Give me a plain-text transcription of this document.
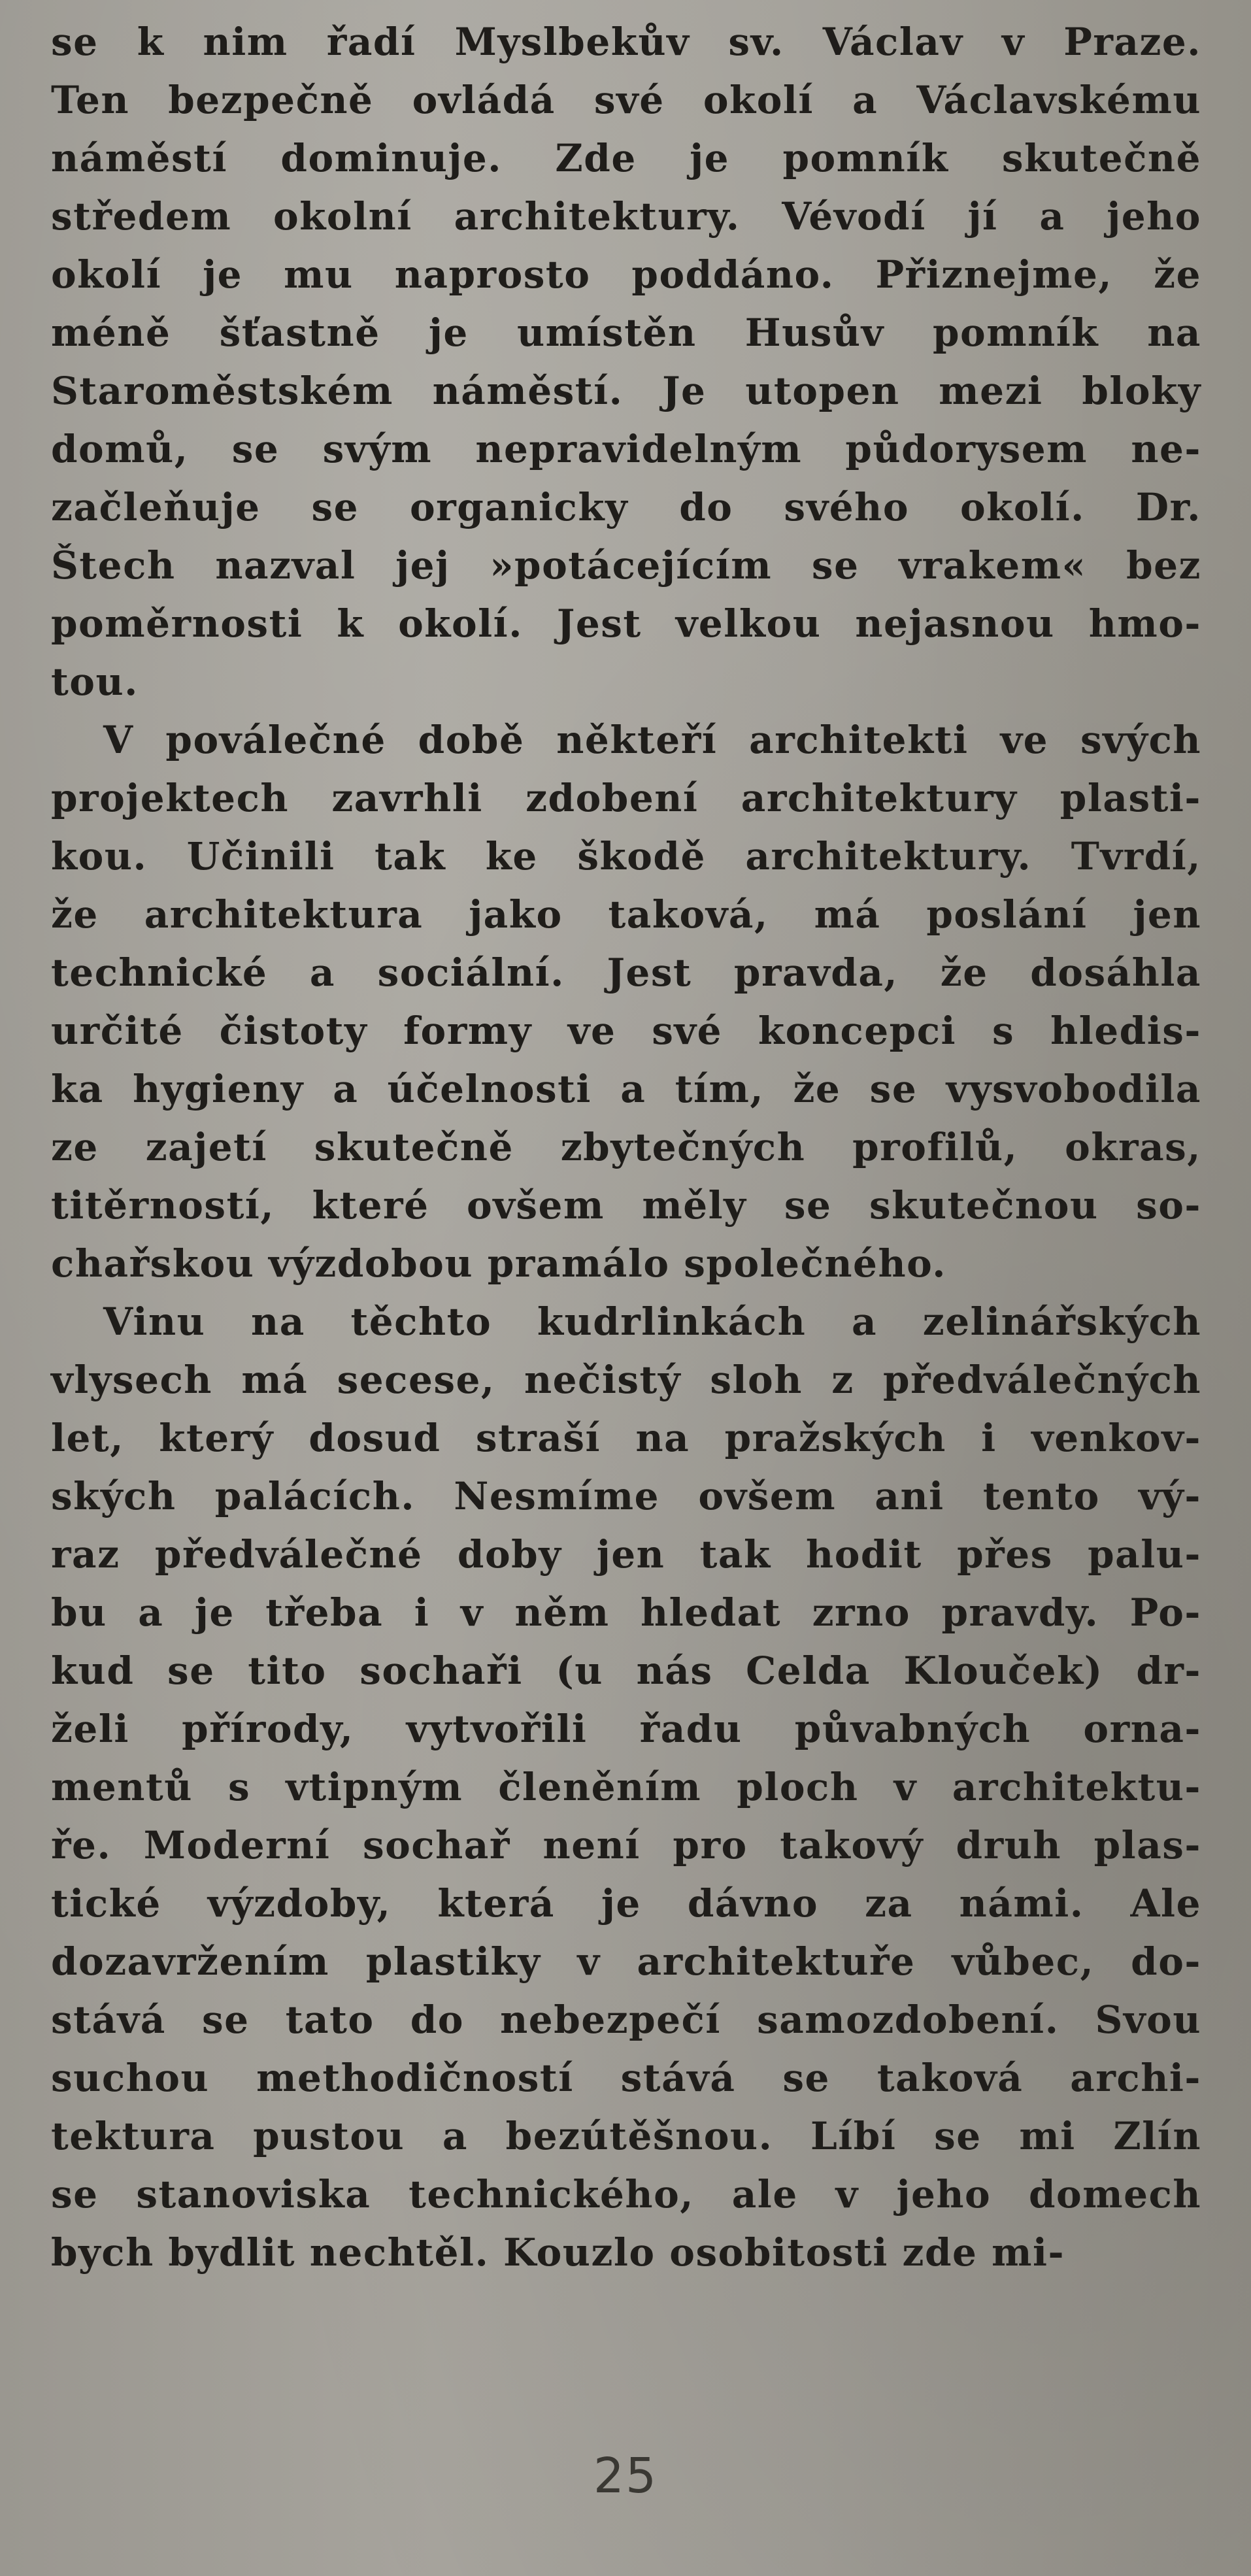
se k nim řadí Myslbekův sv. Václav v Praze.
Ten bezpečně ovládá své okolí a Václavskému
náměstí dominuje. Zde je pomník skutečně
středem okolní architektury. Vévodí jí a jeho
okolí je mu naprosto poddáno. Přiznejme, že
méně šťastně je umístěn Husův pomník na
Staroměstském náměstí. Je utopen mezi bloky
domů, se svým nepravidelným půdorysem ne-
začleňuje se organicky do svého okolí. Dr.
Štech nazval jej »potácejícím se vrakem« bez
poměrnosti k okolí. Jest velkou nejasnou hmo-
tou.
V poválečné době někteří architekti ve svých
projektech zavrhli zdobení architektury plasti-
kou. Učinili tak ke škodě architektury. Tvrdí,
že architektura jako taková, má poslání jen
technické a sociální. Jest pravda, že dosáhla
určité čistoty formy ve své koncepci s hledis-
ka hygieny a účelnosti a tím, že se vysvobodila
ze zajetí skutečně zbytečných profilů, okras,
titěrností, které ovšem měly se skutečnou so-
chařskou výzdobou pramálo společného.
Vinu na těchto kudrlinkách a zelinářských
vlysech má secese, nečistý sloh z předválečných
let, který dosud straší na pražských i venkov-
ských palácích. Nesmíme ovšem ani tento vý-
raz předválečné doby jen tak hodit přes palu-
bu a je třeba i v něm hledat zrno pravdy. Po-
kud se tito sochaři (u nás Celda Klouček) dr-
želi přírody, vytvořili řadu půvabných orna-
mentů s vtipným členěním ploch v architektu-
ře. Moderní sochař není pro takový druh plas-
tické výzdoby, která je dávno za námi. Ale
dozavržením plastiky v architektuře vůbec, do-
stává se tato do nebezpečí samozdobení. Svou
suchou methodičností stává se taková archi-
tektura pustou a bezútěšnou. Líbí se mi Zlín
se stanoviska technického, ale v jeho domech
bych bydlit nechtěl. Kouzlo osobitosti zde mi-
25
